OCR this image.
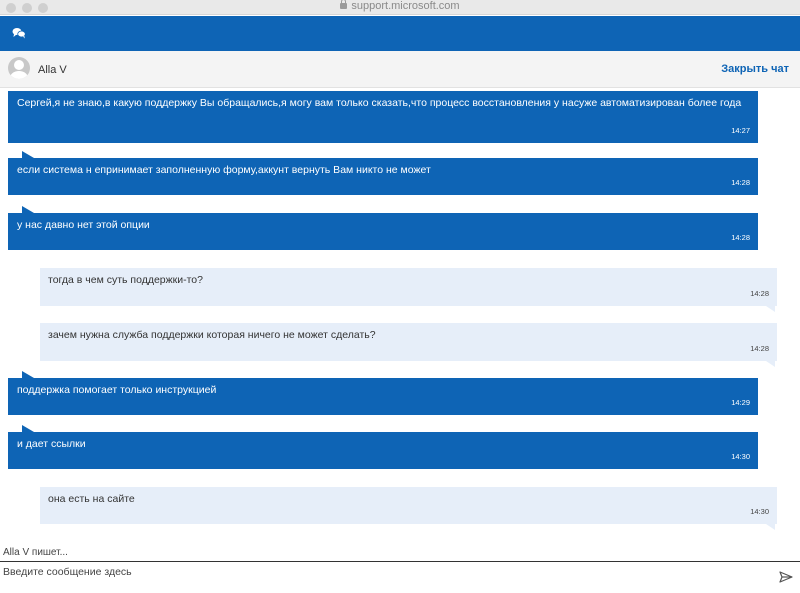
support.microsoft.com
Alla V	Закрыть чат
Сергей,я не знаю,в какую поддержку Вы обращались,я могу вам только сказать,что процесс восстановления у насуже автоматизирован более года
14:27
если система н епринимает заполненную форму,аккунт вернуть Вам никто не может
14:28
у нас давно нет этой опции
14:28
тогда в чем суть поддержки-то?
14:28
зачем нужна служба поддержки которая ничего не может сделать?
14:28
поддержка помогает только инструкцией
14:29
и дает ссылки
14:30
она есть на сайте
14:30
Alla V пишет...
Введите сообщение здесь
